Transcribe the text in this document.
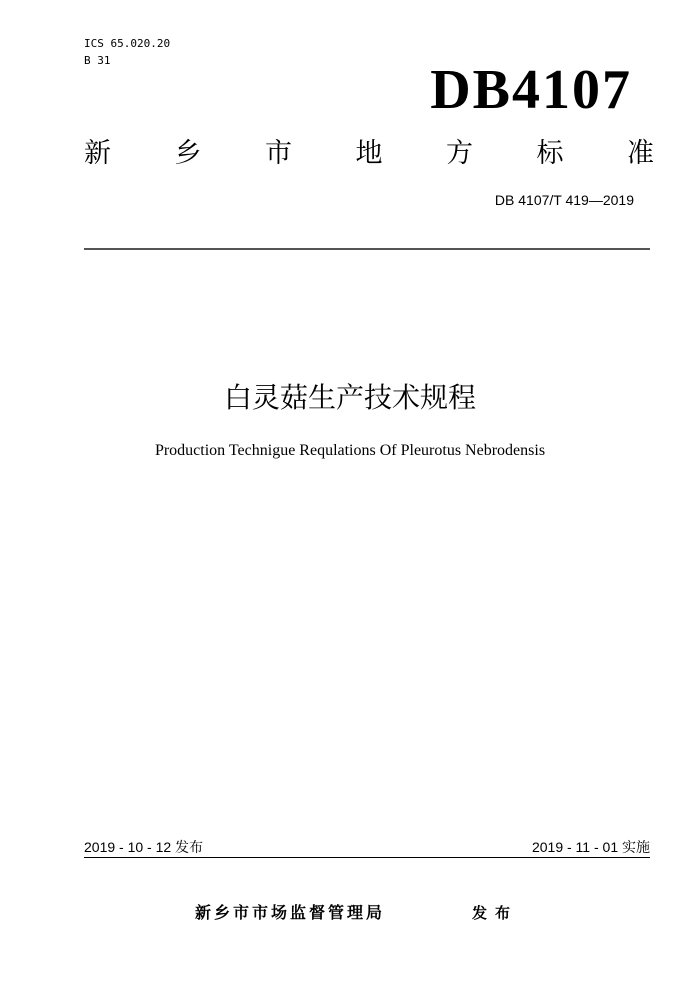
ICS 65.020.20
B 31	DB4107
新 乡 市 地 方 标 准
DB 4107/T 419—2019
白灵菇生产技术规程
Production Technigue Requlations Of Pleurotus Nebrodensis
2019 - 10 - 12 发布	2019 - 11 - 01 实施
新乡市市场监督管理局	发布
